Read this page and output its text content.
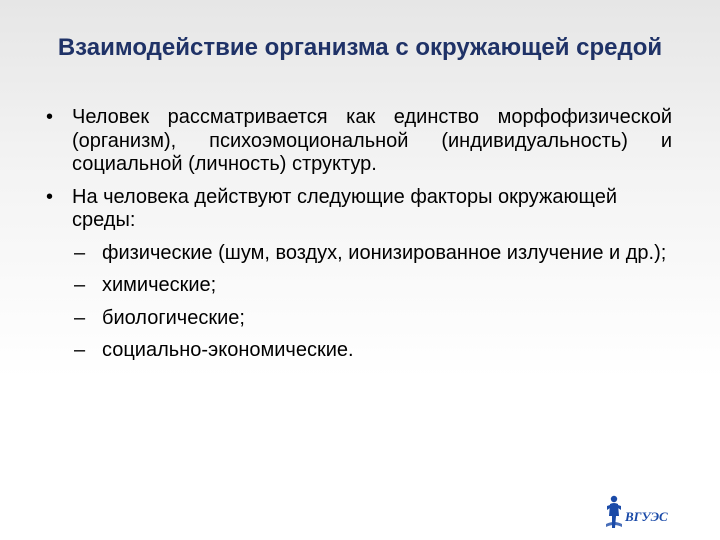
Взаимодействие организма с окружающей средой
• Человек рассматривается как единство морфофизической (организм), психоэмоциональной (индивидуальность) и социальной (личность) структур.
• На человека действуют следующие факторы окружающей среды:
– физические (шум, воздух, ионизированное излучение и др.);
– химические;
– биологические;
– социально-экономические.
ВГУЭС
